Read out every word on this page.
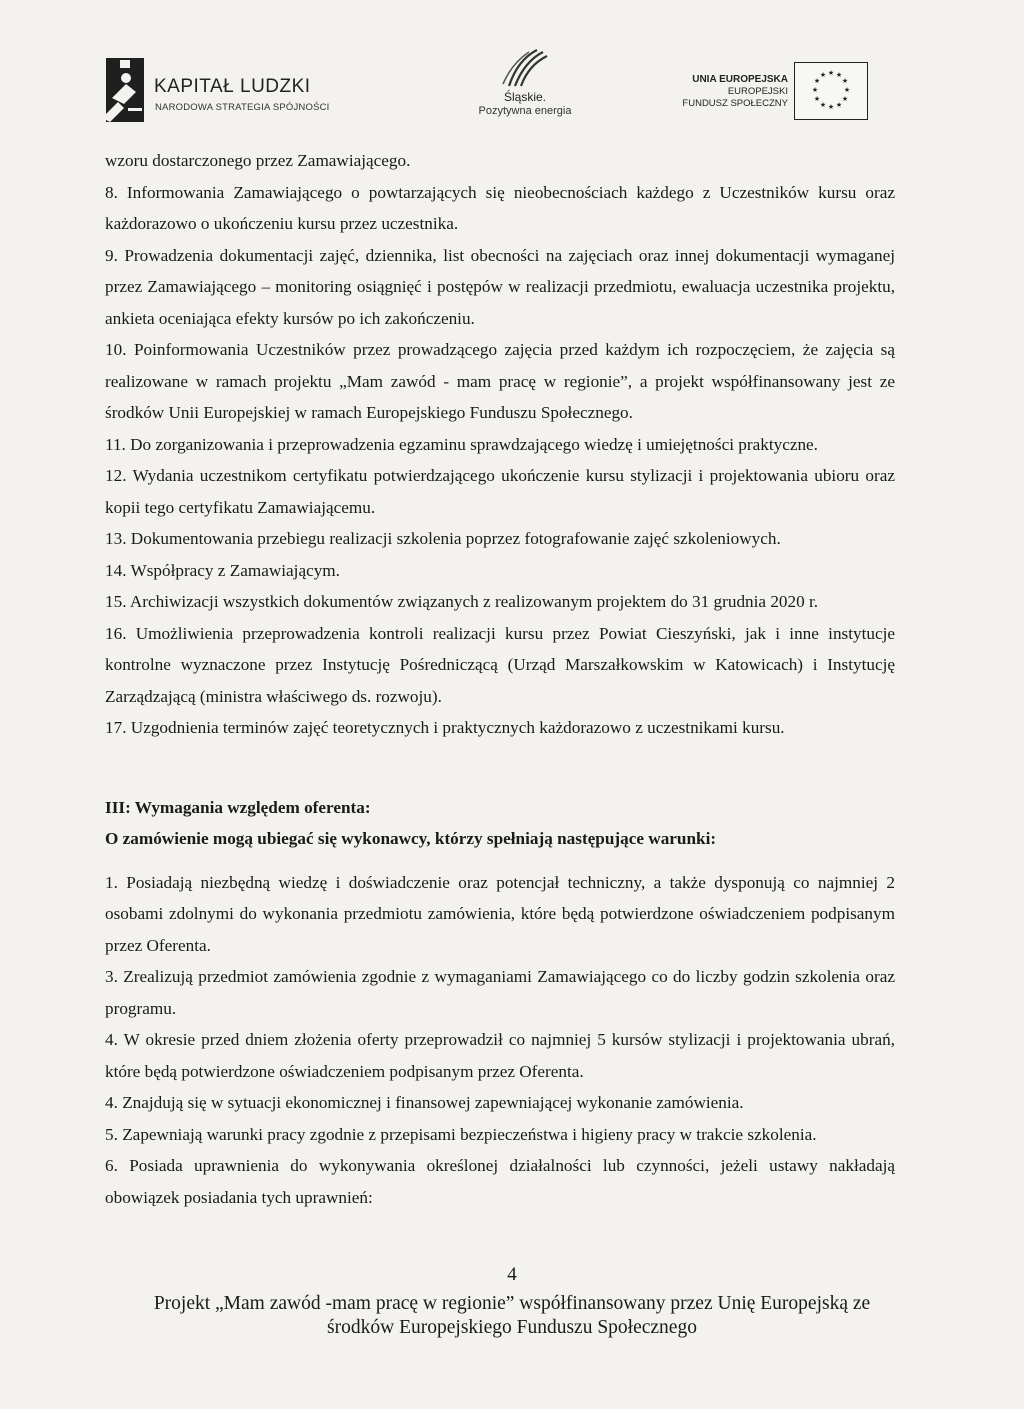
KAPITAŁ LUDZKI
NARODOWA STRATEGIA SPÓJNOŚCI
Śląskie.
Pozytywna energia
UNIA EUROPEJSKA
EUROPEJSKI
FUNDUSZ SPOŁECZNY
★ ★
★
★
★
★
★
★
★
★
★
★

wzoru dostarczonego przez Zamawiającego.

8. Informowania Zamawiającego o powtarzających się nieobecnościach każdego z Uczestników kursu oraz każdorazowo o ukończeniu kursu przez uczestnika.

9. Prowadzenia dokumentacji zajęć, dziennika, list obecności na zajęciach oraz innej dokumentacji wymaganej przez Zamawiającego – monitoring osiągnięć i postępów w realizacji przedmiotu, ewaluacja uczestnika projektu, ankieta oceniająca efekty kursów po ich zakończeniu.

10. Poinformowania Uczestników przez prowadzącego zajęcia przed każdym ich rozpoczęciem, że zajęcia są realizowane w ramach projektu „Mam zawód - mam pracę w regionie”, a projekt współfinansowany jest ze środków Unii Europejskiej w ramach Europejskiego Funduszu Społecznego.

11. Do zorganizowania i przeprowadzenia egzaminu sprawdzającego wiedzę i umiejętności praktyczne.

12. Wydania uczestnikom certyfikatu potwierdzającego ukończenie kursu stylizacji i projektowania ubioru oraz kopii tego certyfikatu Zamawiającemu.

13. Dokumentowania przebiegu realizacji szkolenia poprzez fotografowanie zajęć szkoleniowych.

14. Współpracy z Zamawiającym.

15. Archiwizacji wszystkich dokumentów związanych z realizowanym projektem do 31 grudnia 2020 r.

16. Umożliwienia przeprowadzenia kontroli realizacji kursu przez Powiat Cieszyński, jak i inne instytucje kontrolne wyznaczone przez Instytucję Pośredniczącą (Urząd Marszałkowskim w Katowicach) i Instytucję Zarządzającą (ministra właściwego ds. rozwoju).

17. Uzgodnienia terminów zajęć teoretycznych i praktycznych każdorazowo z uczestnikami kursu.

III: Wymagania względem oferenta:

O zamówienie mogą ubiegać się wykonawcy, którzy spełniają następujące warunki:

1. Posiadają niezbędną wiedzę i doświadczenie oraz potencjał techniczny, a także dysponują co najmniej 2 osobami zdolnymi do wykonania przedmiotu zamówienia, które będą potwierdzone oświadczeniem podpisanym przez Oferenta.

3. Zrealizują przedmiot zamówienia zgodnie z wymaganiami Zamawiającego co do liczby godzin szkolenia oraz programu.

4. W okresie przed dniem złożenia oferty przeprowadził co najmniej 5 kursów stylizacji i projektowania ubrań, które będą potwierdzone oświadczeniem podpisanym przez Oferenta.

4. Znajdują się w sytuacji ekonomicznej i finansowej zapewniającej wykonanie zamówienia.

5. Zapewniają warunki pracy zgodnie z przepisami bezpieczeństwa i higieny pracy w trakcie szkolenia.

6. Posiada uprawnienia do wykonywania określonej działalności lub czynności, jeżeli ustawy nakładają obowiązek posiadania tych uprawnień:

4
Projekt „Mam zawód -mam pracę w regionie” współfinansowany przez Unię Europejską ze
środków Europejskiego Funduszu Społecznego
